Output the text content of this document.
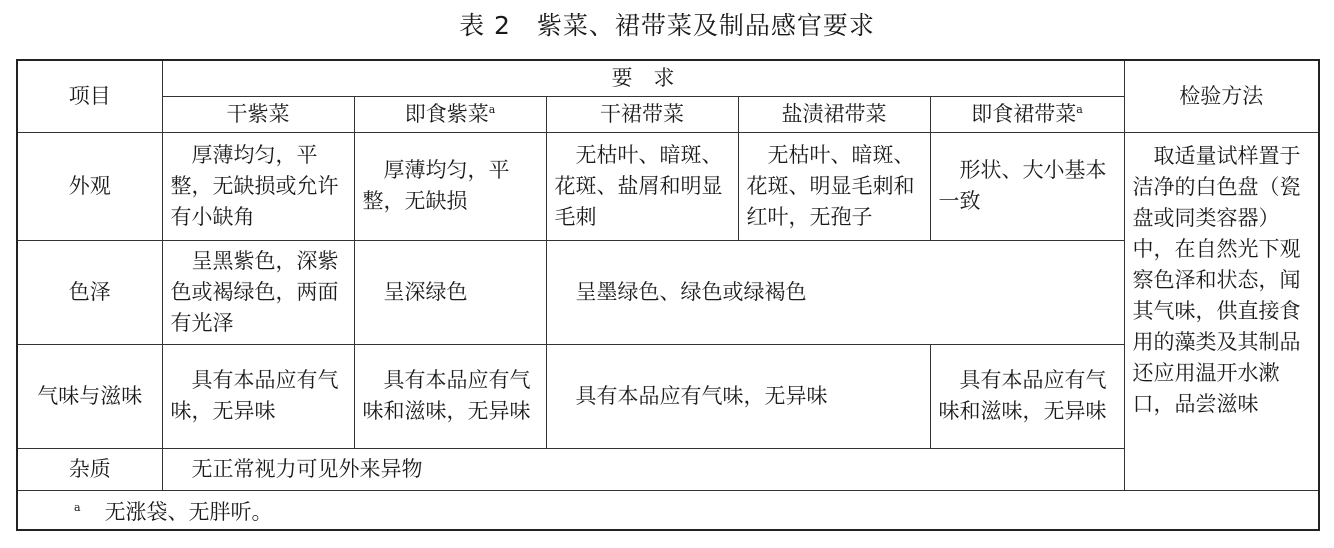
表 2　紫菜、裙带菜及制品感官要求
项目	要　求					检验方法
	干紫菜	即食紫菜$^a$	干裙带菜	盐渍裙带菜	即食裙带菜$^a$
外观	厚薄均匀，平整，无缺损或允许有小缺角	厚薄均匀，平整，无缺损	无枯叶、暗斑、花斑、盐屑和明显毛刺	无枯叶、暗斑、花斑、明显毛刺和红叶，无孢子	形状、大小基本一致	取适量试样置于洁净的白色盘（瓷盘或同类容器）中，在自然光下观察色泽和状态，闻其气味，供直接食用的藻类及其制品还应用温开水漱口，品尝滋味
色泽	呈黑紫色，深紫色或褐绿色，两面有光泽	呈深绿色	呈墨绿色、绿色或绿褐色			
气味与滋味	具有本品应有气味，无异味	具有本品应有气味和滋味，无异味	具有本品应有气味，无异味		具有本品应有气味和滋味，无异味	
杂质	无正常视力可见外来异物					
$^a$ 无涨袋、无胖听。						
